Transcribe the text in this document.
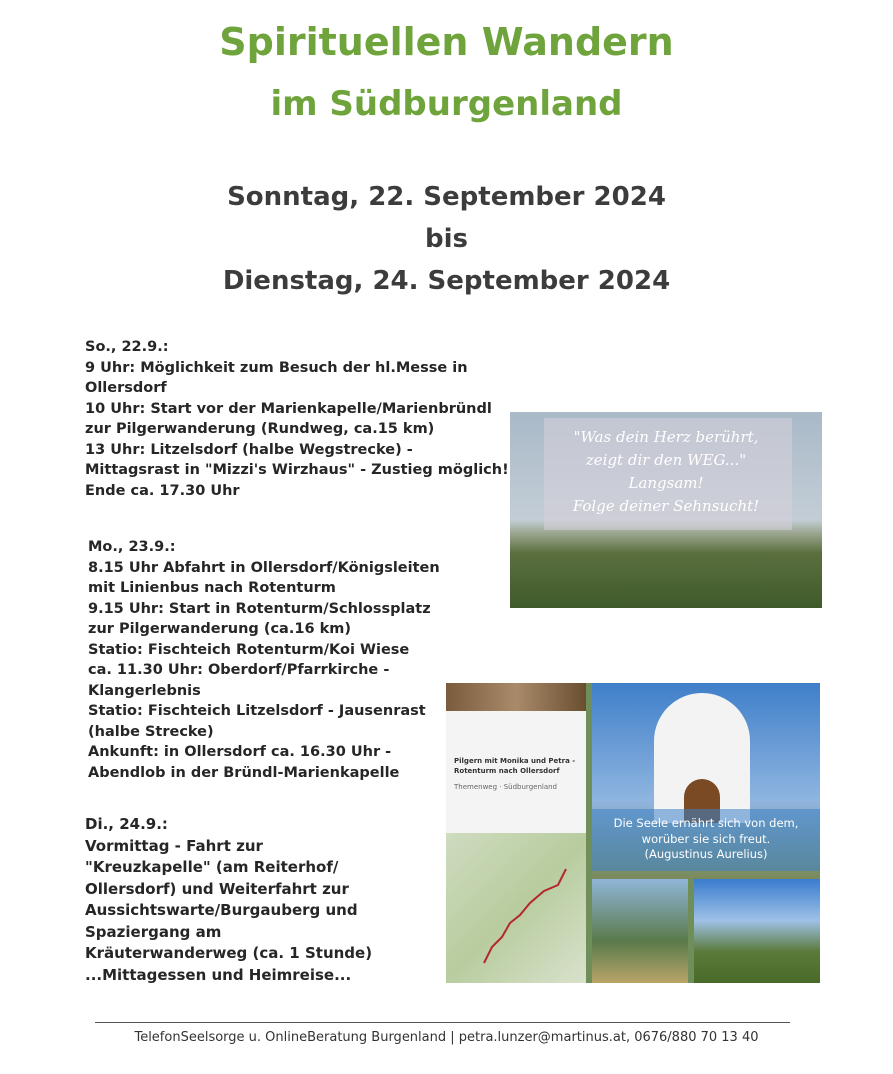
Spirituellen Wandern
im Südburgenland
Sonntag, 22. September 2024
bis
Dienstag, 24. September 2024
So., 22.9.:
9 Uhr: Möglichkeit zum Besuch der hl.Messe in
Ollersdorf
10 Uhr: Start vor der Marienkapelle/Marienbründl
zur Pilgerwanderung (Rundweg, ca.15 km)
13 Uhr: Litzelsdorf (halbe Wegstrecke) -
Mittagsrast in "Mizzi's Wirzhaus" - Zustieg möglich!
Ende ca. 17.30 Uhr
Mo., 23.9.:
8.15 Uhr Abfahrt in Ollersdorf/Königsleiten
mit Linienbus nach Rotenturm
9.15 Uhr: Start in Rotenturm/Schlossplatz
zur Pilgerwanderung (ca.16 km)
Statio: Fischteich Rotenturm/Koi Wiese
ca. 11.30 Uhr: Oberdorf/Pfarrkirche -
Klangerlebnis
Statio: Fischteich Litzelsdorf - Jausenrast
(halbe Strecke)
Ankunft: in Ollersdorf ca. 16.30 Uhr -
Abendlob in der Bründl-Marienkapelle
Di., 24.9.:
Vormittag - Fahrt zur
"Kreuzkapelle" (am Reiterhof/
Ollersdorf) und Weiterfahrt zur
Aussichtswarte/Burgauberg und
Spaziergang am
Kräuterwanderweg (ca. 1 Stunde)
...Mittagessen und Heimreise...
"Was dein Herz berührt,
zeigt dir den WEG..."
Langsam!
Folge deiner Sehnsucht!
Pilgern mit Monika und Petra -
Rotenturm nach Ollersdorf
Themenweg · Südburgenland
Die Seele ernährt sich von dem,
worüber sie sich freut.
(Augustinus Aurelius)
TelefonSeelsorge u. OnlineBeratung Burgenland | petra.lunzer@martinus.at, 0676/880 70 13 40
